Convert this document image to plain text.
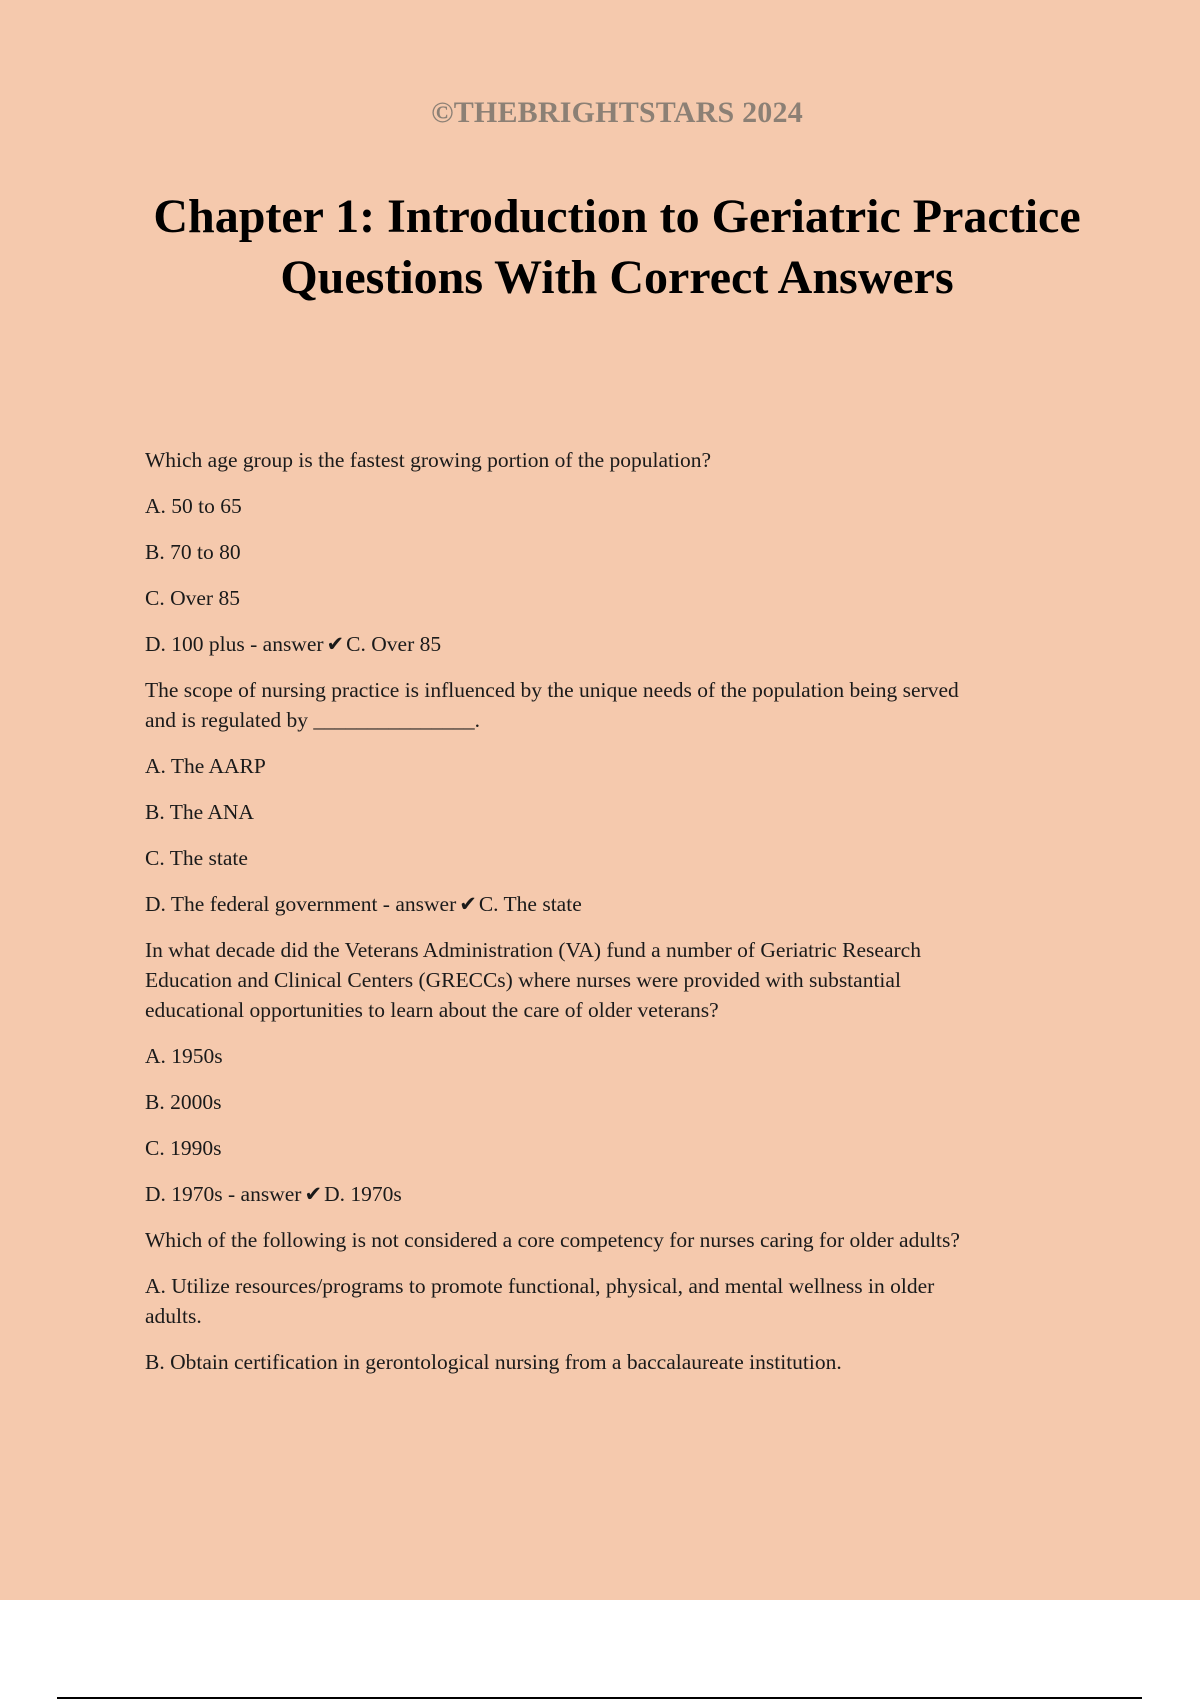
©THEBRIGHTSTARS 2024
Chapter 1: Introduction to Geriatric Practice
Questions With Correct Answers
Which age group is the fastest growing portion of the population?
A. 50 to 65
B. 70 to 80
C. Over 85
D. 100 plus - answer ✔C. Over 85
The scope of nursing practice is influenced by the unique needs of the population being served
and is regulated by _______________.
A. The AARP
B. The ANA
C. The state
D. The federal government - answer ✔C. The state
In what decade did the Veterans Administration (VA) fund a number of Geriatric Research
Education and Clinical Centers (GRECCs) where nurses were provided with substantial
educational opportunities to learn about the care of older veterans?
A. 1950s
B. 2000s
C. 1990s
D. 1970s - answer ✔D. 1970s
Which of the following is not considered a core competency for nurses caring for older adults?
A. Utilize resources/programs to promote functional, physical, and mental wellness in older
adults.
B. Obtain certification in gerontological nursing from a baccalaureate institution.
